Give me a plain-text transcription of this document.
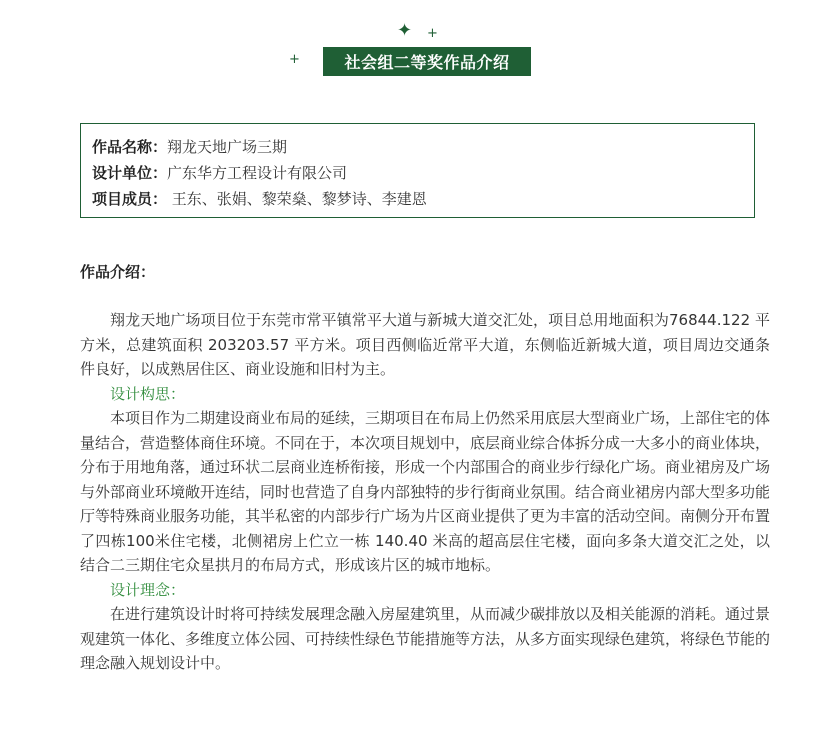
✦ +
+	社会组二等奖作品介绍
作品名称：翔龙天地广场三期
设计单位：广东华方工程设计有限公司
项目成员： 王东、张娟、黎荣燊、黎梦诗、李建恩
作品介绍：

翔龙天地广场项目位于东莞市常平镇常平大道与新城大道交汇处，项目总用地面积为76844.122 平方米，总建筑面积 203203.57 平方米。项目西侧临近常平大道，东侧临近新城大道，项目周边交通条件良好，以成熟居住区、商业设施和旧村为主。

设计构思：

本项目作为二期建设商业布局的延续，三期项目在布局上仍然采用底层大型商业广场，上部住宅的体量结合，营造整体商住环境。不同在于，本次项目规划中，底层商业综合体拆分成一大多小的商业体块，分布于用地角落，通过环状二层商业连桥衔接，形成一个内部围合的商业步行绿化广场。商业裙房及广场与外部商业环境敞开连结，同时也营造了自身内部独特的步行街商业氛围。结合商业裙房内部大型多功能厅等特殊商业服务功能，其半私密的内部步行广场为片区商业提供了更为丰富的活动空间。南侧分开布置了四栋100米住宅楼，北侧裙房上伫立一栋 140.40 米高的超高层住宅楼，面向多条大道交汇之处，以结合二三期住宅众星拱月的布局方式，形成该片区的城市地标。

设计理念：

在进行建筑设计时将可持续发展理念融入房屋建筑里，从而减少碳排放以及相关能源的消耗。通过景观建筑一体化、多维度立体公园、可持续性绿色节能措施等方法，从多方面实现绿色建筑，将绿色节能的理念融入规划设计中。
